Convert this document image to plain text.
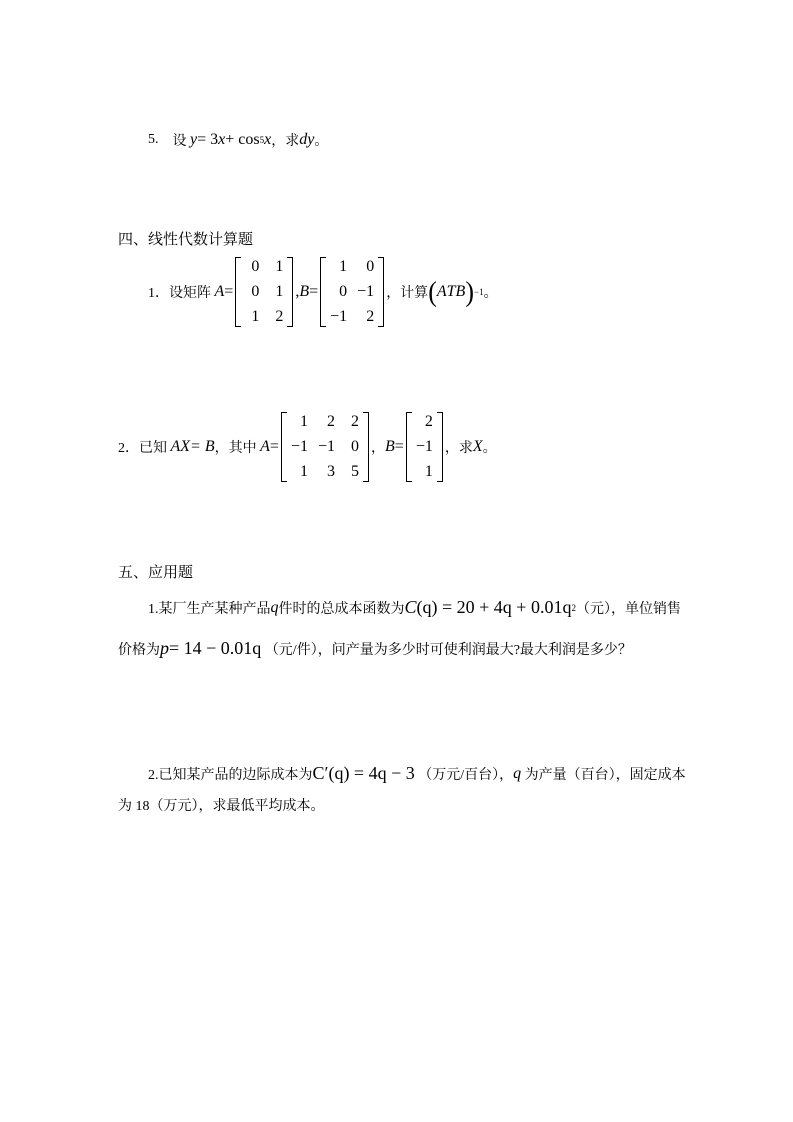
5.
设
y = 3 x + cos 5 x ，求 dy 。
四、线性代数计算题
1． 设矩阵
A =
0	1
0	1
1	2
, B =
1	0
0 −1
−1	2
，计算 ( A T B ) −1 。
2． 已知
AX = B ，其中
A =
1	2	2
−1 −1	0
1	3	5
， B =
2
−1
1
，求 X 。
五、应用题
1.某厂生产某种产品 q 件时的总成本函数为 C (q) = 20 + 4q + 0.01q 2 （元），单位销售
价格为 p = 14 − 0.01q
（元/件），问产量为多少时可使利润最大?最大利润是多少？
2.已知某产品的边际成本为 C′(q) = 4q − 3
（万元/百台）， q
为产量（百台），固定成本
为 18（万元），求最低平均成本。
